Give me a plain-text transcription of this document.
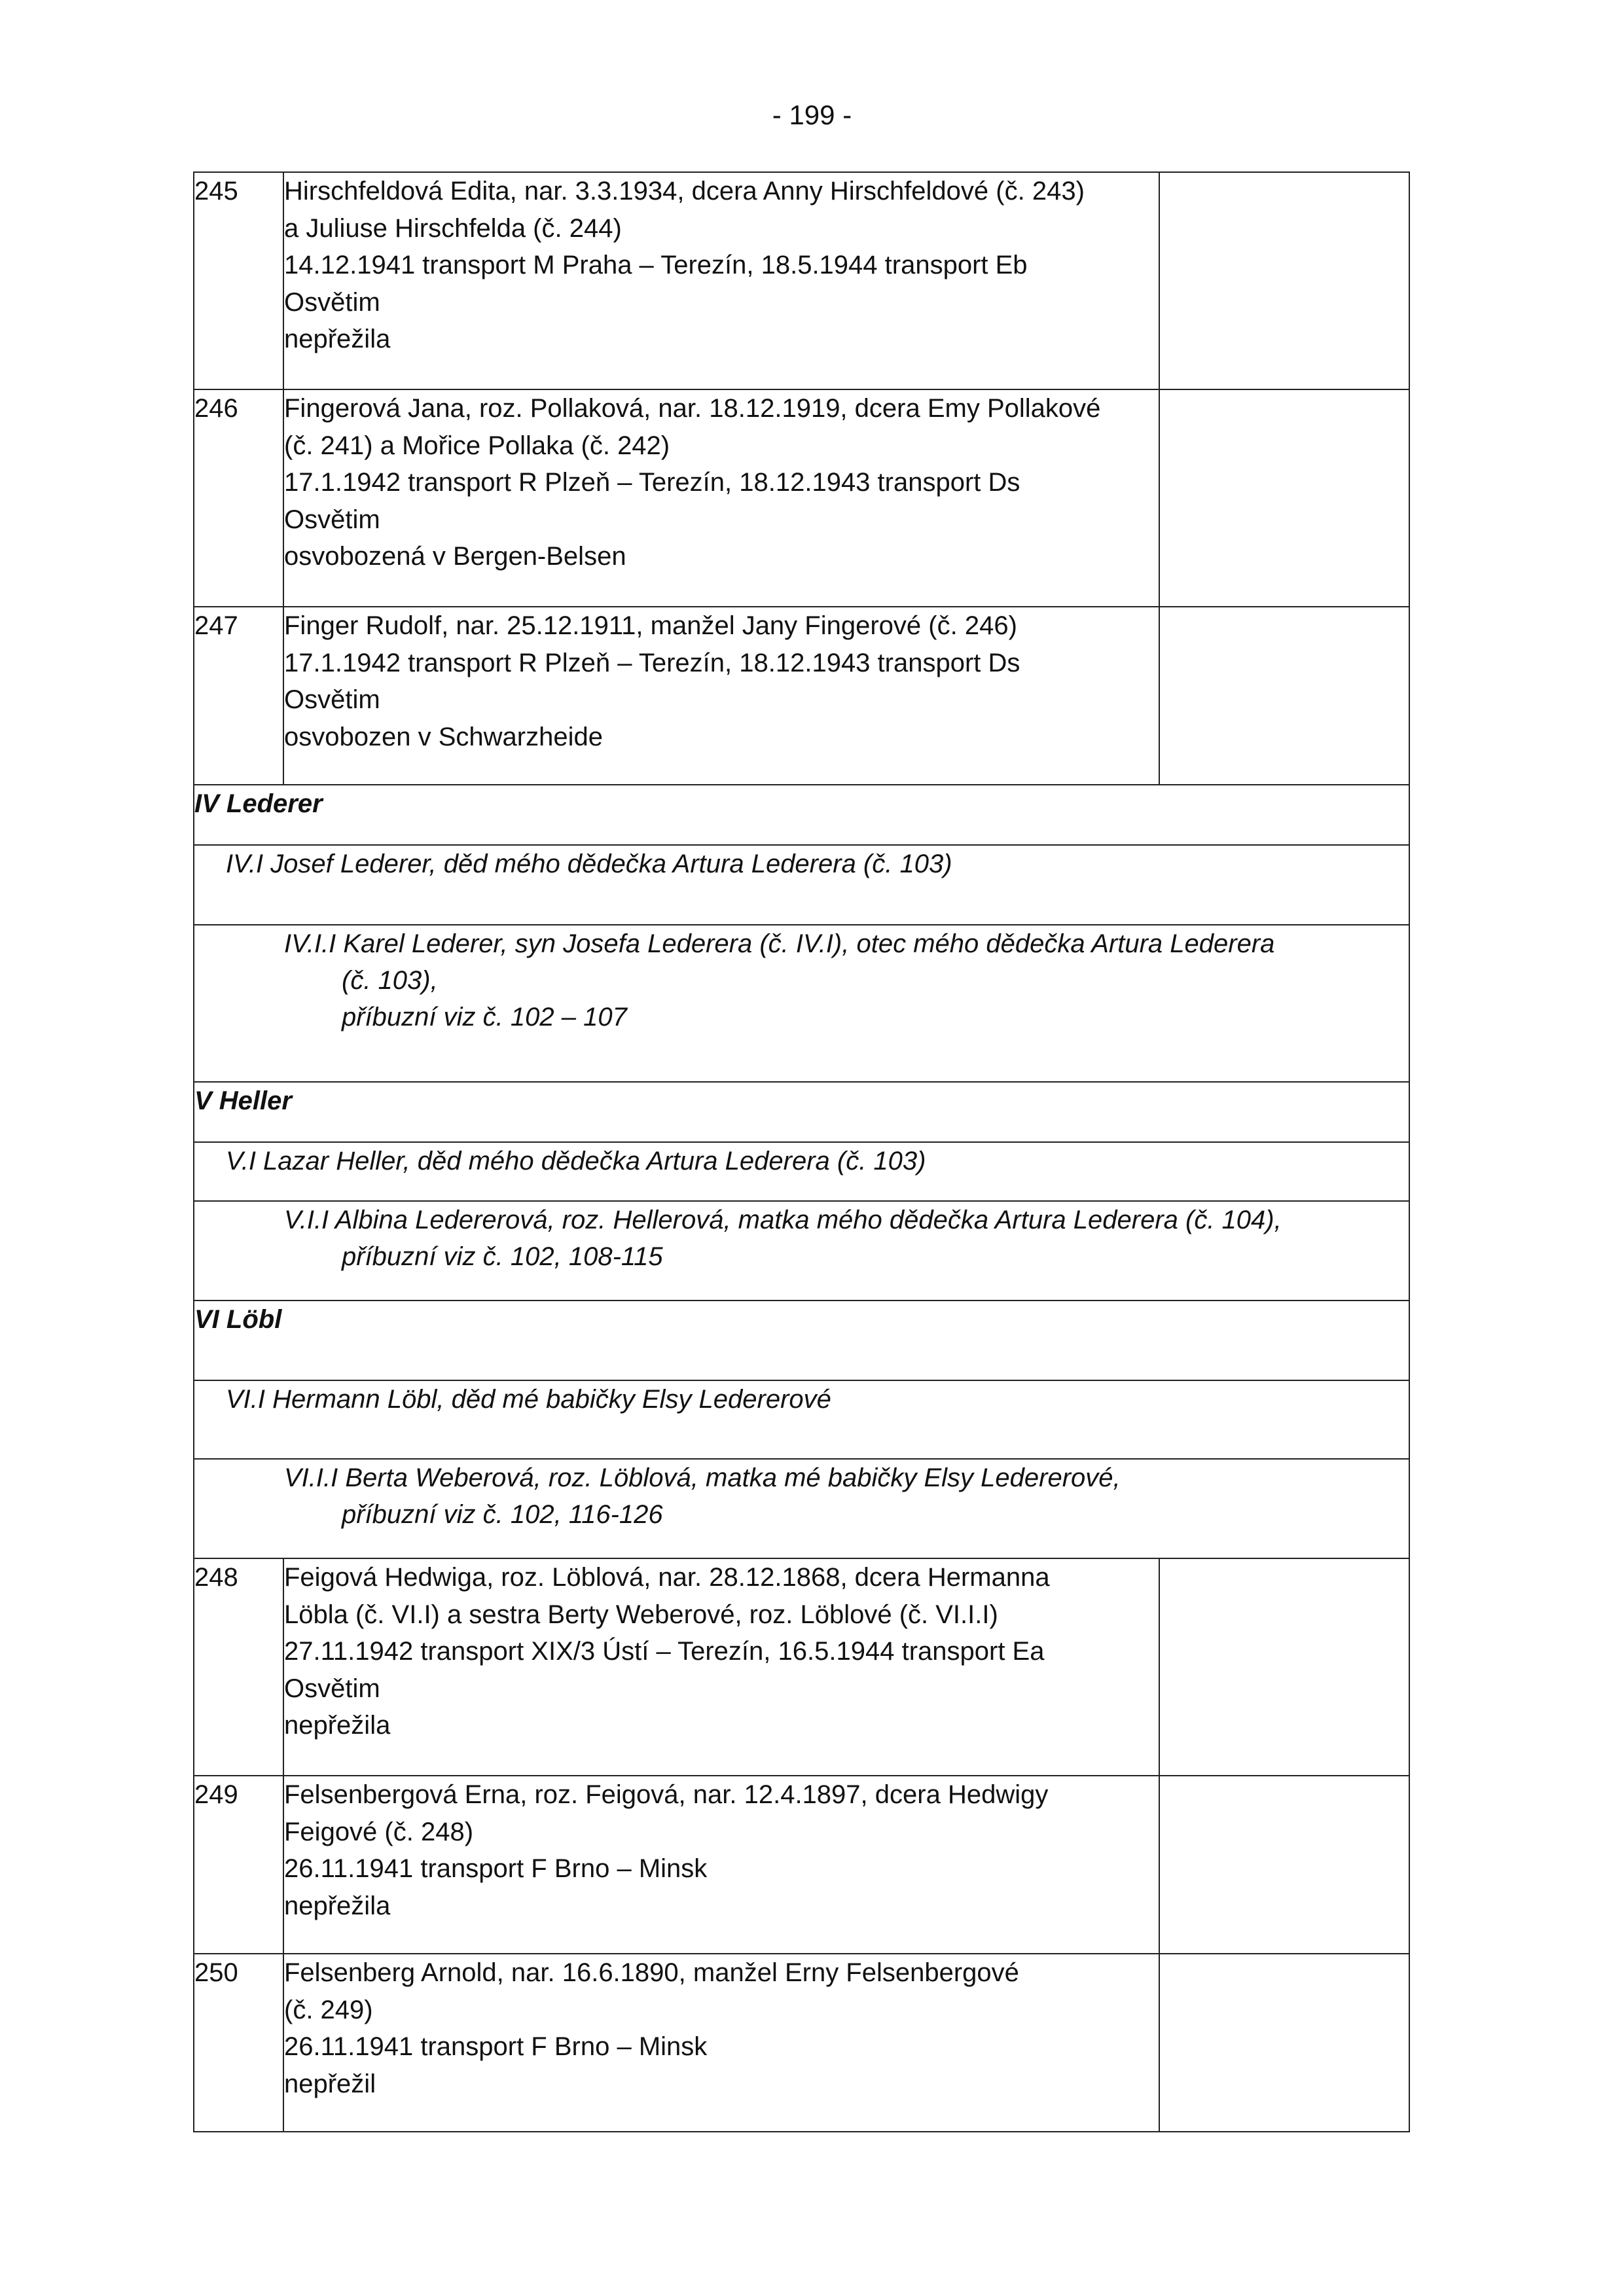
- 199 -
245	Hirschfeldová Edita, nar. 3.3.1934, dcera Anny Hirschfeldové (č. 243)
a Juliuse Hirschfelda (č. 244)
14.12.1941 transport M Praha – Terezín, 18.5.1944 transport Eb
Osvětim
nepřežila	

246	Fingerová Jana, roz. Pollaková, nar. 18.12.1919, dcera Emy Pollakové
(č. 241) a Mořice Pollaka (č. 242)
17.1.1942 transport R Plzeň – Terezín, 18.12.1943 transport Ds
Osvětim
osvobozená v Bergen-Belsen	

247	Finger Rudolf, nar. 25.12.1911, manžel Jany Fingerové (č. 246)
17.1.1942 transport R Plzeň – Terezín, 18.12.1943 transport Ds
Osvětim
osvobozen v Schwarzheide	

IV Lederer		

IV.I Josef Lederer, děd mého dědečka Artura Lederera (č. 103)		

IV.I.I Karel Lederer, syn Josefa Lederera (č. IV.I), otec mého dědečka Artura Lederera
(č. 103),
příbuzní viz č. 102 – 107		

V Heller		

V.I Lazar Heller, děd mého dědečka Artura Lederera (č. 103)		

V.I.I Albina Ledererová, roz. Hellerová, matka mého dědečka Artura Lederera (č. 104),
příbuzní viz č. 102, 108-115		

VI Löbl		

VI.I Hermann Löbl, děd mé babičky Elsy Ledererové		

VI.I.I Berta Weberová, roz. Löblová, matka mé babičky Elsy Ledererové,
příbuzní viz č. 102, 116-126		

248	Feigová Hedwiga, roz. Löblová, nar. 28.12.1868, dcera Hermanna
Löbla (č. VI.I) a sestra Berty Weberové, roz. Löblové (č. VI.I.I)
27.11.1942 transport XIX/3 Ústí – Terezín, 16.5.1944 transport Ea
Osvětim
nepřežila	

249	Felsenbergová Erna, roz. Feigová, nar. 12.4.1897, dcera Hedwigy
Feigové (č. 248)
26.11.1941 transport F Brno – Minsk
nepřežila	

250	Felsenberg Arnold, nar. 16.6.1890, manžel Erny Felsenbergové
(č. 249)
26.11.1941 transport F Brno – Minsk
nepřežil	
